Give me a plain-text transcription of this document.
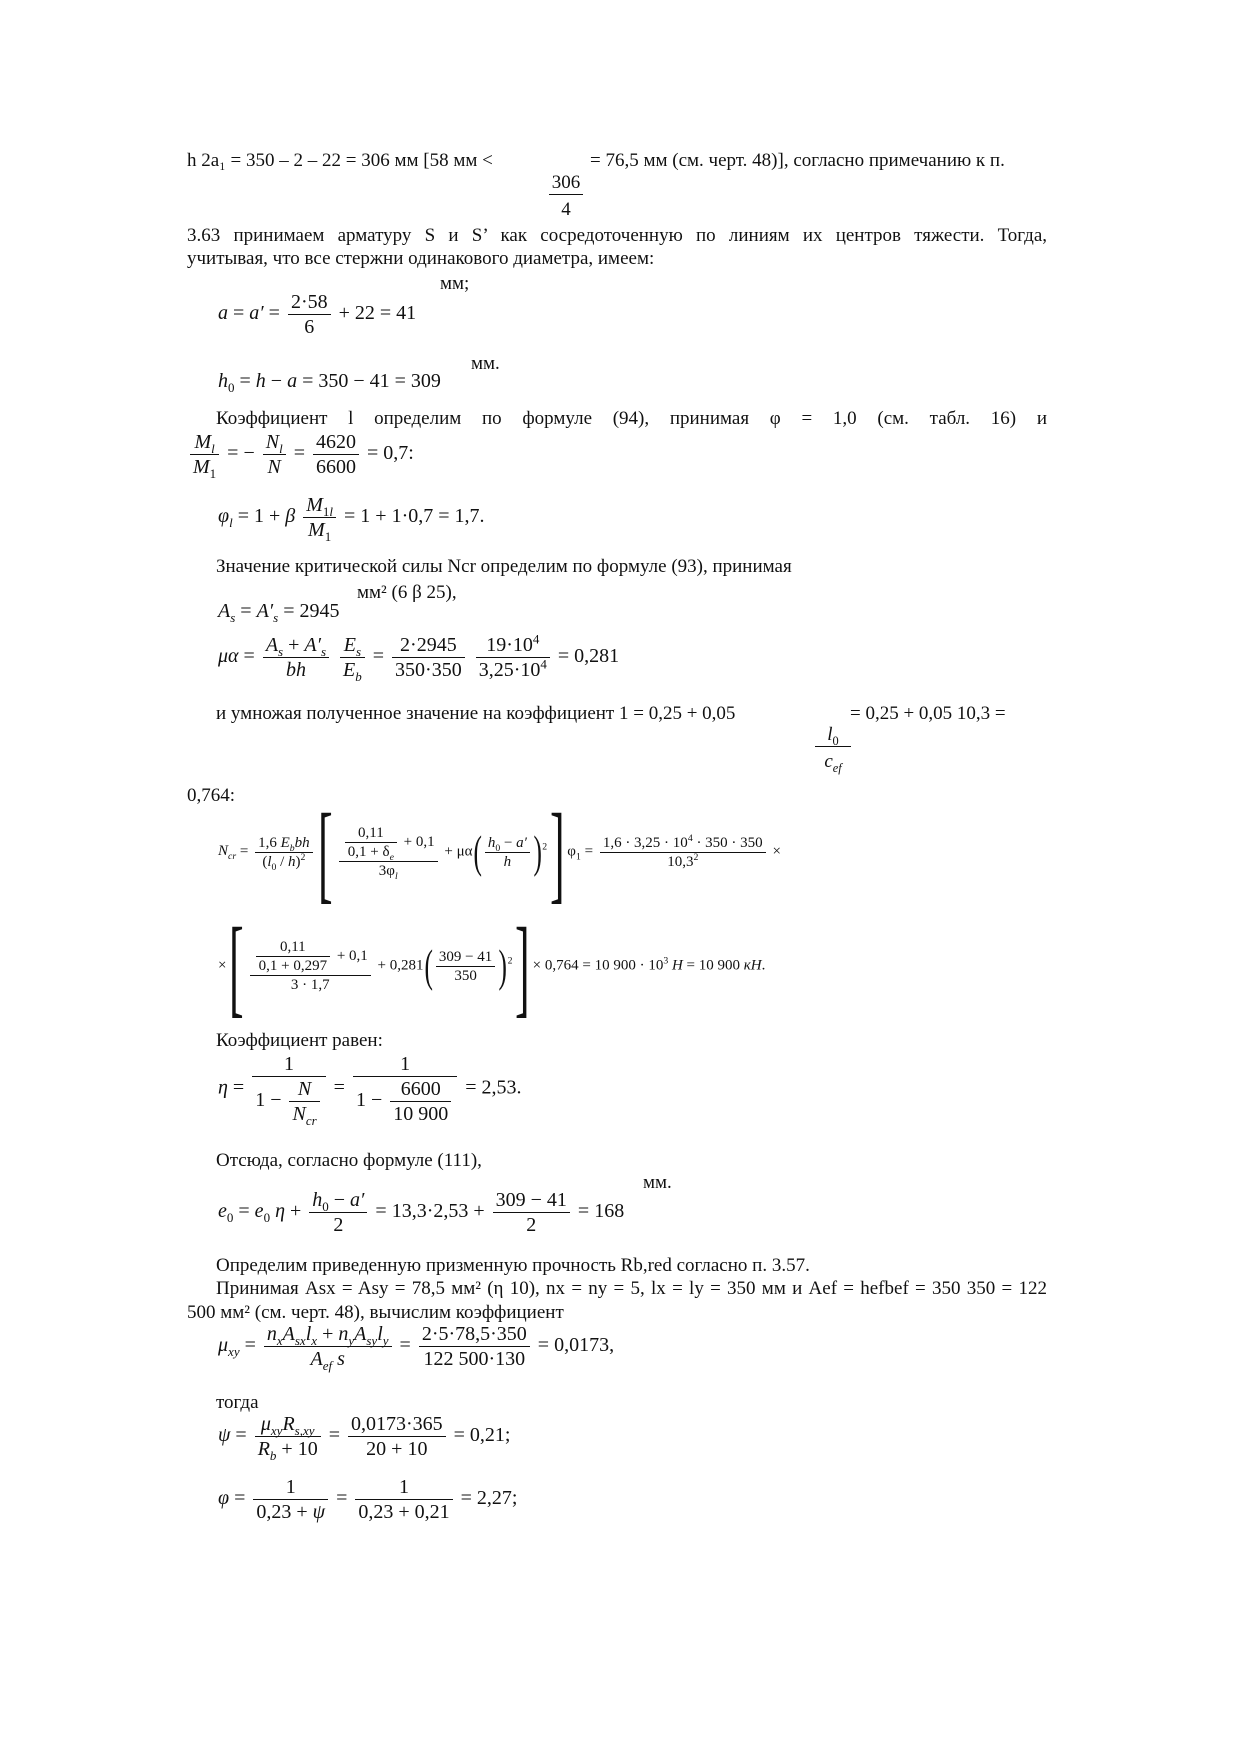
h 2a₁ = 350 – 2 – 22 = 306 мм [58 мм <
$\frac{306}{4}$
= 76,5 мм (см. черт. 48)], согласно примечанию к п.
3.63 принимаем арматуру S и S’ как сосредоточенную по линиям их центров тяжести. Тогда,
учитывая, что все стержни одинакового диаметра, имеем:
мм;
$a = a' = \frac{2\cdot 58}{6} + 22 = 41$
мм.
$h_0 = h - a = 350 - 41 = 309$
Коэффициент l определим по формуле (94), принимая φ = 1,0 (см. табл. 16) и
$\frac{M_l}{M_1}$ = − $\frac{N_l}{N} = \frac{4620}{6600} = 0,7$:
$\varphi_l = 1 + \beta \frac{M_{1l}}{M_1} = 1 + 1\cdot 0,7 = 1,7$.
Значение критической силы Ncr определим по формуле (93), принимая
мм² (6 β 25),
$A_s = A'_s = 2945$
$\mu\alpha = \frac{A_s + A'_s}{bh}$
$\frac{E_s}{E_b} = \frac{2\cdot 2945}{350\cdot 350}$
$\frac{19\cdot 10^4}{3,25\cdot 10^4} = 0,281$
и умножая полученное значение на коэффициент 1 = 0,25 + 0,05
$l_0$
$c_{ef}$
= 0,25 + 0,05 10,3 =
0,764:
$N_{cr} = \frac{1,6 E_bbh}{(l_0 / h)^2}$ [ $\frac{\frac{0,11}{0,1 + \delta_e} + 0,1}{3\varphi_l} + \mu\alpha( \frac{h_0 - a'}{h} )^2$ ] $\varphi_1 = \frac{1,6 \cdot 3,25 \cdot 10^4 \cdot 350 \cdot 350}{10,3^2}$ ×
× [ $\frac{\frac{0,11}{0,1 + 0,297} + 0,1}{3 \cdot 1,7} + 0,281( \frac{309 - 41}{350} )^2$ ] × 0,764 = 10 $900 \cdot 10^3$ Н = 10 900 кН.
Коэффициент равен:
$\eta = \frac{1}{1 - \frac{N}{N_{cr}}} = \frac{1}{1 - \frac{6600}{10 900}} = 2,53$.
Отсюда, согласно формуле (111),
мм.
$e_0 = e_0$ $\eta + \frac{h_0 - a'}{2} = 13,3\cdot 2,53 + \frac{309 - 41}{2} = 168$
Определим приведенную призменную прочность Rb,red согласно п. 3.57.
Принимая Asx = Asy = 78,5 мм² (η 10), nx = ny = 5, lx = ly = 350 мм и Aef = hefbef = 350 350 = 122
500 мм² (см. черт. 48), вычислим коэффициент
$\mu_{xy} = \frac{n_xA_{sx}l_x + n_yA_{sy}l_y}{A_{ef} s} = \frac{2\cdot 5\cdot 78,5\cdot 350}{122 500\cdot 130} = 0,0173$,
тогда
$\psi = \frac{\mu_{xy}R_{s,xy}}{R_b + 10} = \frac{0,0173\cdot 365}{20 + 10} = 0,21$;
$\varphi = \frac{1}{0,23 + \psi} = \frac{1}{0,23 + 0,21} = 2,27$;
